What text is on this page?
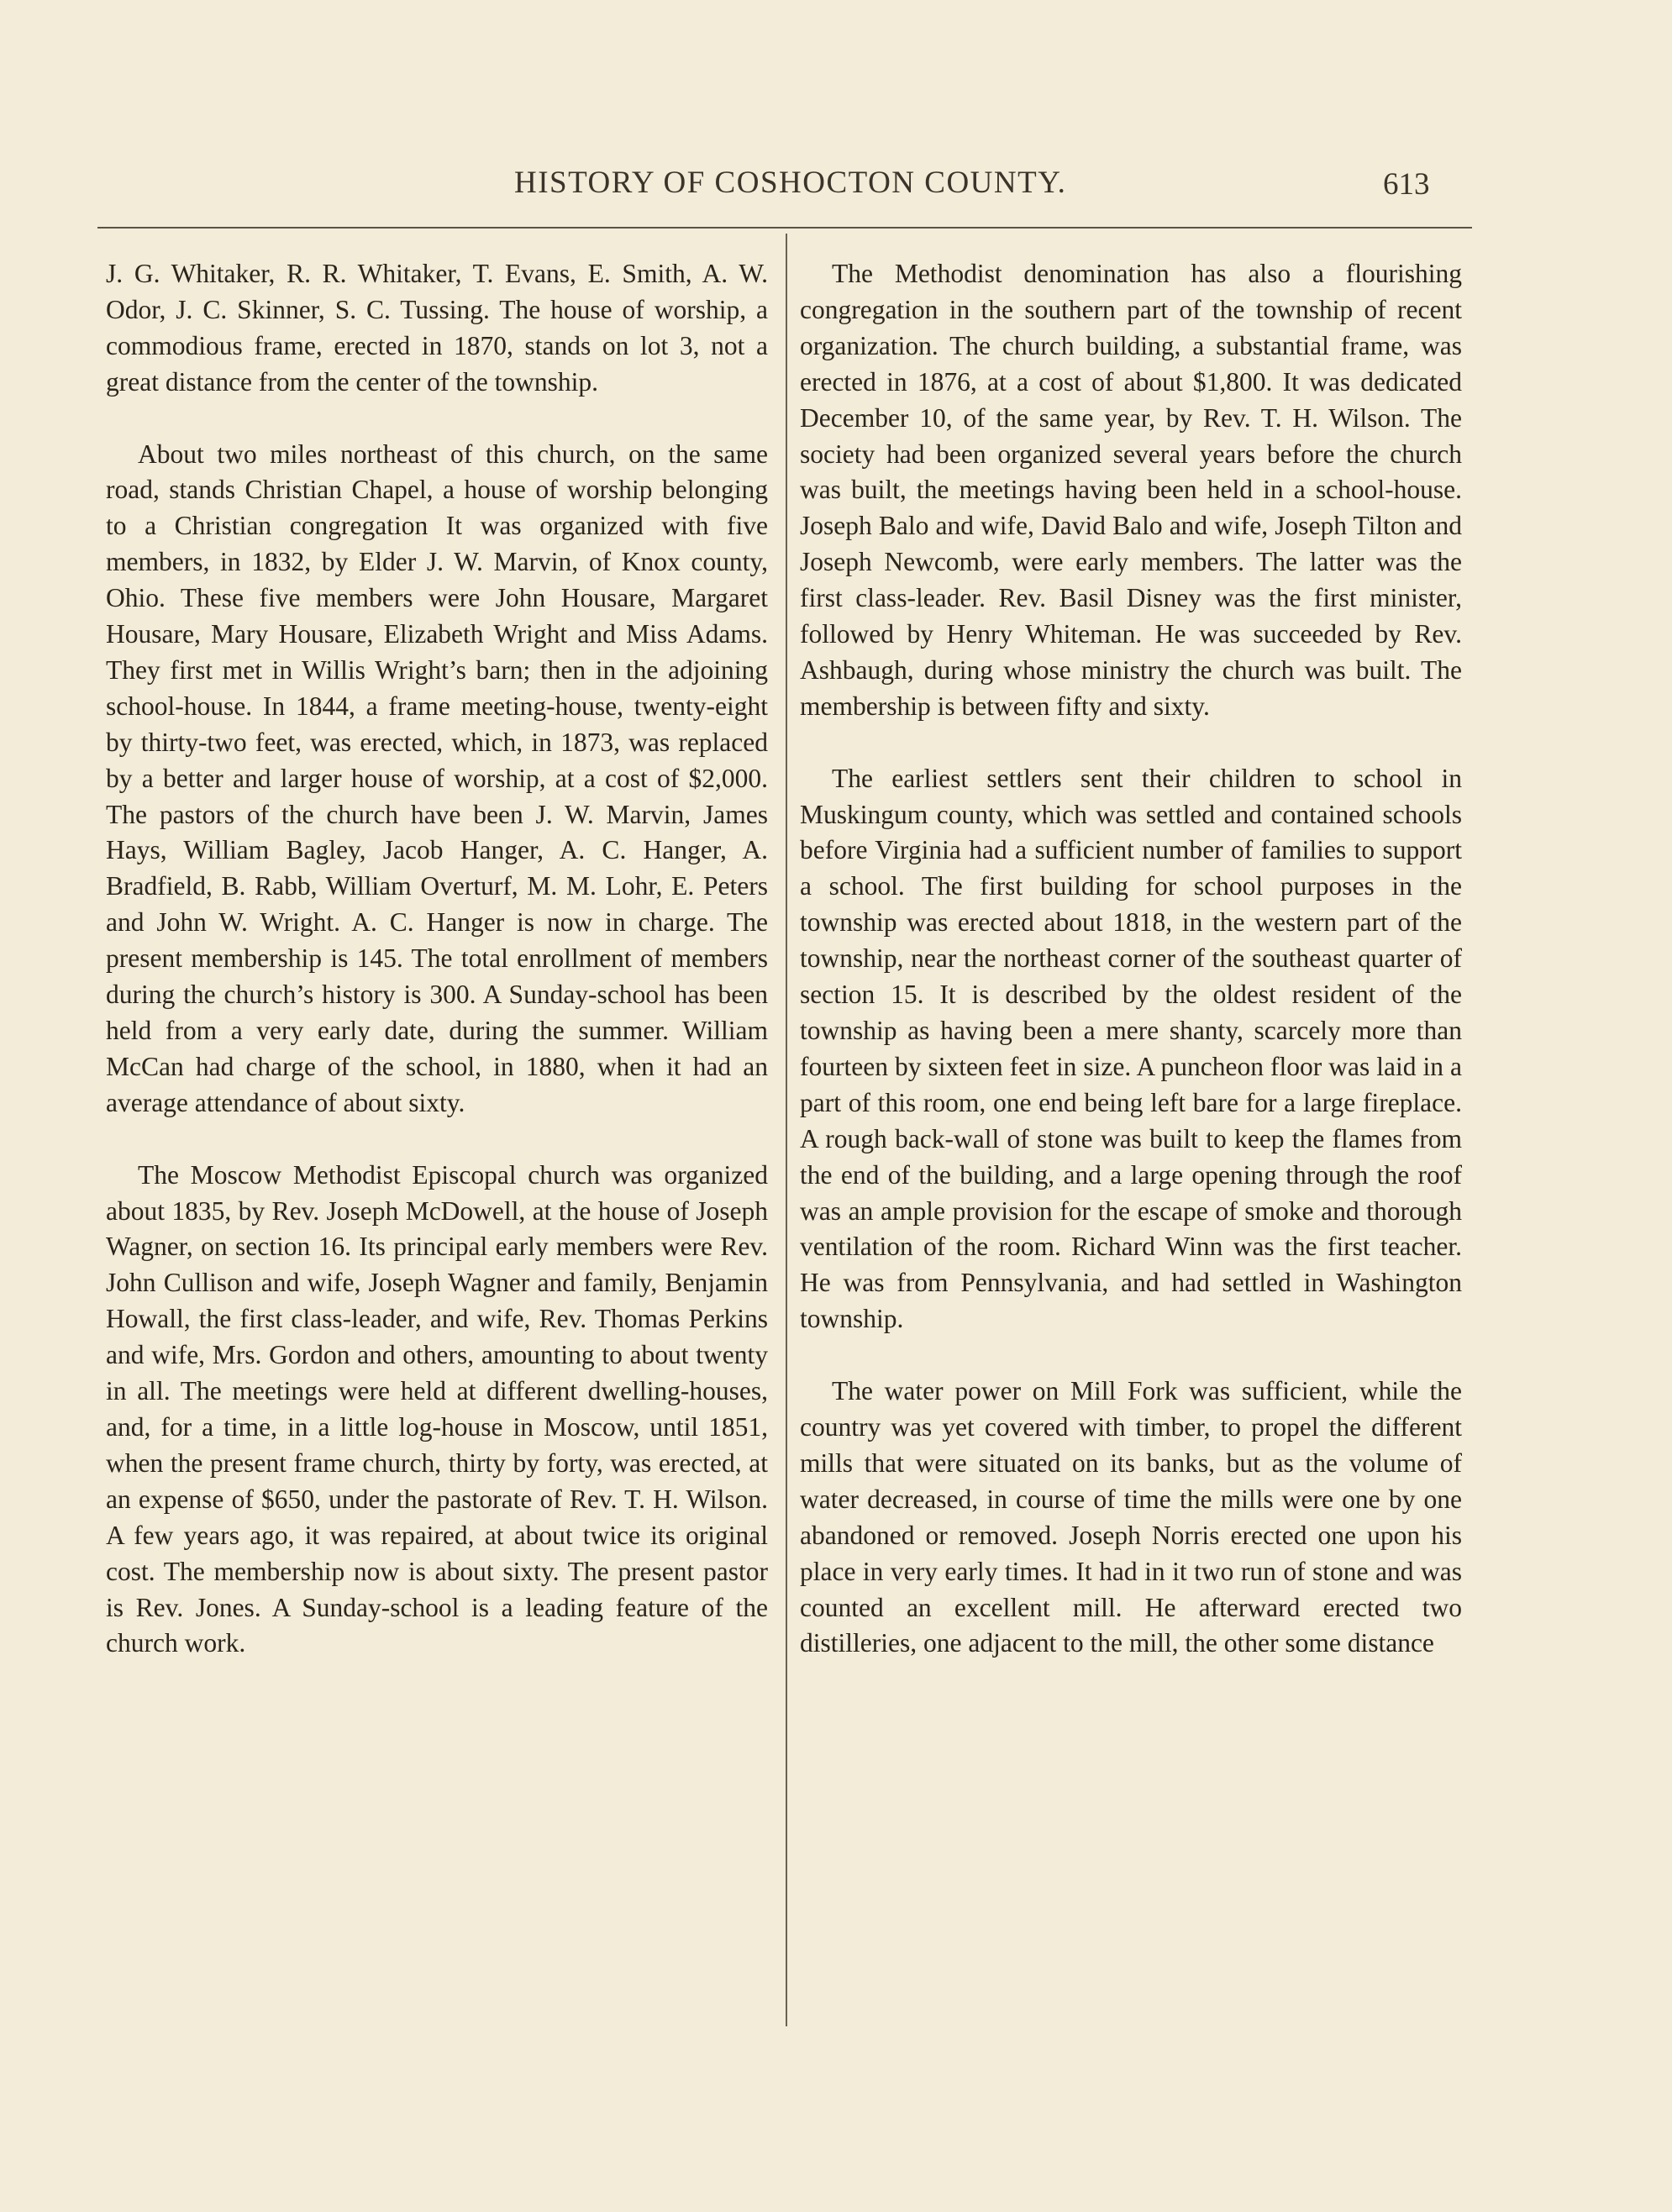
HISTORY OF COSHOCTON COUNTY.	613

J. G. Whitaker, R. R. Whitaker, T. Evans, E. Smith, A. W. Odor, J. C. Skinner, S. C. Tussing. The house of worship, a commodious frame, erected in 1870, stands on lot 3, not a great distance from the center of the township.

About two miles northeast of this church, on the same road, stands Christian Chapel, a house of worship belonging to a Christian congregation It was organized with five members, in 1832, by Elder J. W. Marvin, of Knox county, Ohio. These five members were John Housare, Margaret Housare, Mary Housare, Elizabeth Wright and Miss Adams. They first met in Willis Wright’s barn; then in the adjoining school-house. In 1844, a frame meeting-house, twenty-eight by thirty-two feet, was erected, which, in 1873, was replaced by a better and larger house of worship, at a cost of $2,000. The pastors of the church have been J. W. Marvin, James Hays, William Bagley, Jacob Hanger, A. C. Hanger, A. Bradfield, B. Rabb, William Overturf, M. M. Lohr, E. Peters and John W. Wright. A. C. Hanger is now in charge. The present membership is 145. The total enrollment of members during the church’s history is 300. A Sunday-school has been held from a very early date, during the summer. William McCan had charge of the school, in 1880, when it had an average attendance of about sixty.

The Moscow Methodist Episcopal church was organized about 1835, by Rev. Joseph McDowell, at the house of Joseph Wagner, on section 16. Its principal early members were Rev. John Cullison and wife, Joseph Wagner and family, Benjamin Howall, the first class-leader, and wife, Rev. Thomas Perkins and wife, Mrs. Gordon and others, amounting to about twenty in all. The meetings were held at different dwelling-houses, and, for a time, in a little log-house in Moscow, until 1851, when the present frame church, thirty by forty, was erected, at an expense of $650, under the pastorate of Rev. T. H. Wilson. A few years ago, it was repaired, at about twice its original cost. The membership now is about sixty. The present pastor is Rev. Jones. A Sunday-school is a leading feature of the church work.

The Methodist denomination has also a flourishing congregation in the southern part of the township of recent organization. The church building, a substantial frame, was erected in 1876, at a cost of about $1,800. It was dedicated December 10, of the same year, by Rev. T. H. Wilson. The society had been organized several years before the church was built, the meetings having been held in a school-house. Joseph Balo and wife, David Balo and wife, Joseph Tilton and Joseph Newcomb, were early members. The latter was the first class-leader. Rev. Basil Disney was the first minister, followed by Henry Whiteman. He was succeeded by Rev. Ashbaugh, during whose ministry the church was built. The membership is between fifty and sixty.

The earliest settlers sent their children to school in Muskingum county, which was settled and contained schools before Virginia had a sufficient number of families to support a school. The first building for school purposes in the township was erected about 1818, in the western part of the township, near the northeast corner of the southeast quarter of section 15. It is described by the oldest resident of the township as having been a mere shanty, scarcely more than fourteen by sixteen feet in size. A puncheon floor was laid in a part of this room, one end being left bare for a large fireplace. A rough back-wall of stone was built to keep the flames from the end of the building, and a large opening through the roof was an ample provision for the escape of smoke and thorough ventilation of the room. Richard Winn was the first teacher. He was from Pennsylvania, and had settled in Washington township.

The water power on Mill Fork was sufficient, while the country was yet covered with timber, to propel the different mills that were situated on its banks, but as the volume of water decreased, in course of time the mills were one by one abandoned or removed. Joseph Norris erected one upon his place in very early times. It had in it two run of stone and was counted an excellent mill. He afterward erected two distilleries, one adjacent to the mill, the other some distance
